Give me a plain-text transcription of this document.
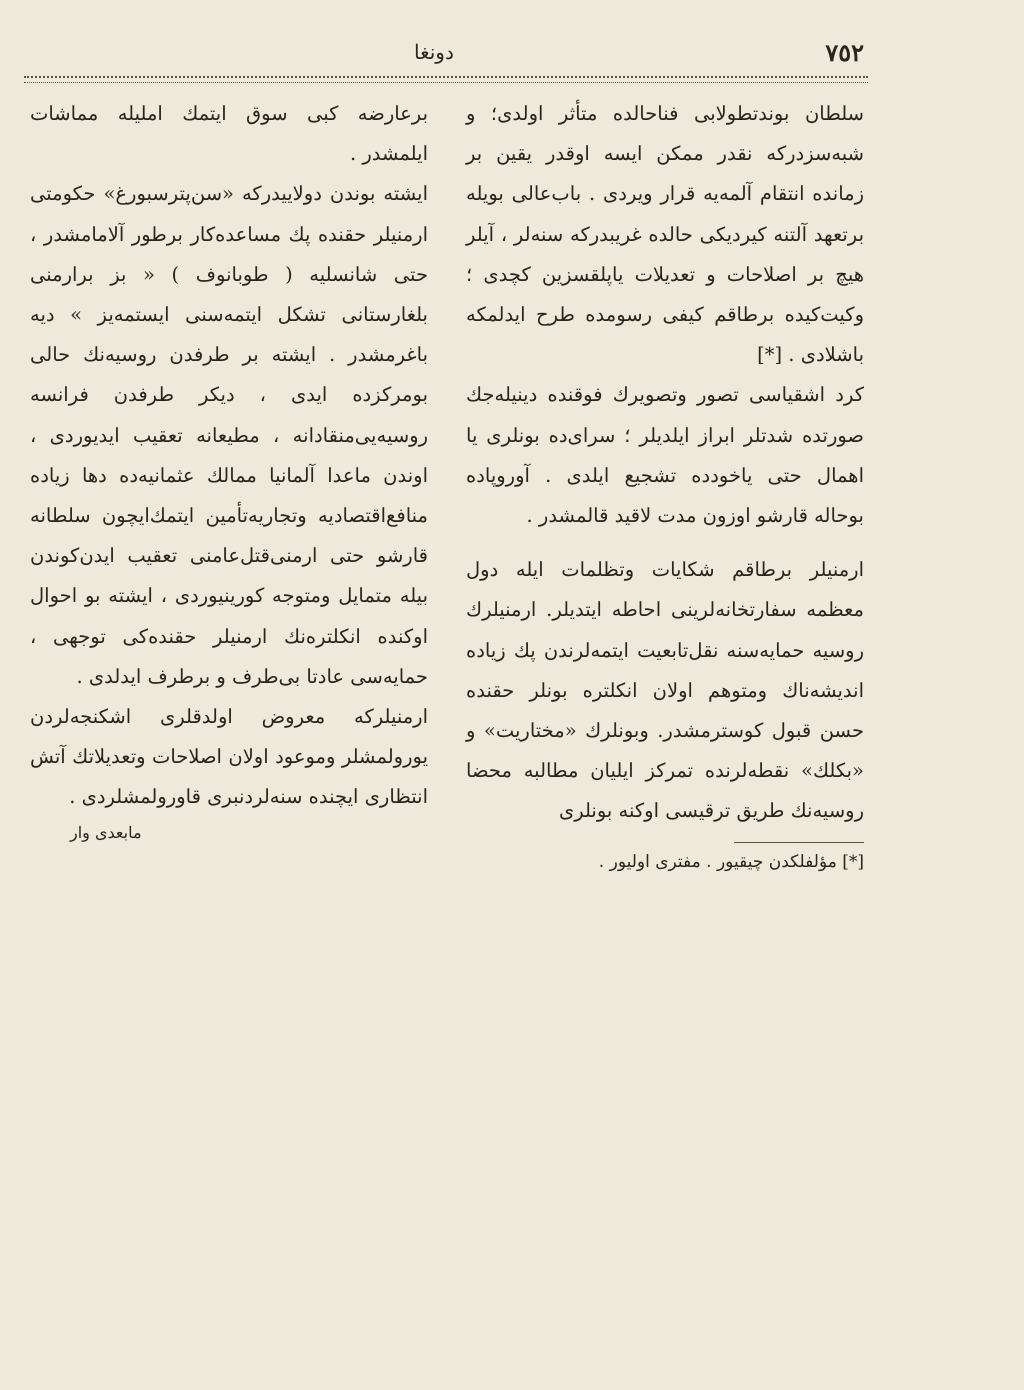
دونغا	٧٥٢

سلطان بوندتطولابی فناحالده متأثر اولدی؛ و شبه‌سزدرکه نقدر ممکن ایسه اوقدر یقین بر زمانده انتقام آلمه‌یه قرار ویردی . باب‌عالی بویله برتعهد آلتنه کیردیکی حالده غریبدرکه سنه‌لر ، آیلر هیچ بر اصلاحات و تعدیلات یاپلقسزین کچدی ؛ وکیت‌کیده برطاقم کیفی رسومده طرح ایدلمکه باشلادی . [*]

کرد اشقیاسی تصور وتصویرك فوقنده دینیله‌جك صورتده شدتلر ابراز ایلدیلر ؛ سرای‌ده بونلری یا اهمال حتی یاخودده تشجیع ایلدی . آوروپاده بوحاله قارشو اوزون مدت لاقید قالمشدر .

ارمنیلر برطاقم شکایات وتظلمات ایله دول معظمه سفارتخانه‌لرینی احاطه ایتدیلر. ارمنیلرك روسیه حمایه‌سنه نقل‌تابعیت ایتمه‌لرندن پك زیاده اندیشه‌ناك ومتوهم اولان انکلتره بونلر حقنده حسن قبول کوسترمشدر. وبونلرك «مختاریت» و «بکلك» نقطه‌لرنده تمرکز ایلیان مطالبه محضا روسیه‌نك طریق ترقیسی اوکنه بونلری

[*] مؤلفلكدن چیقیور . مفتری اولیور .

برعارضه کبی سوق ایتمك املیله مماشات ایلمشدر .

ایشته بوندن دولاییدرکه «سن‌پترسبورغ» حکومتی ارمنیلر حقنده پك مساعده‌کار برطور آلامامشدر ، حتی شانسلیه ( طوبانوف ) « بز برارمنی بلغارستانی تشکل ایتمه‌سنی ایستمه‌یز » دیه باغرمشدر . ایشته بر طرفدن روسیه‌نك حالی بومرکزده ایدی ، دیکر طرفدن فرانسه روسیه‌یی‌منقادانه ، مطیعانه تعقیب ایدیوردی ، اوندن ماعدا آلمانیا ممالك عثمانیه‌ده دها زیاده منافع‌اقتصادیه وتجاریه‌تأمین ایتمك‌ایچون سلطانه قارشو حتی ارمنی‌قتل‌عامنی تعقیب ایدن‌کوندن بیله متمایل ومتوجه کورینیوردی ، ایشته بو احوال اوکنده انکلتره‌نك ارمنیلر حقنده‌کی توجهی ، حمایه‌سی عادتا بی‌طرف و برطرف ایدلدی .

ارمنیلرکه معروض اولدقلری اشکنجه‌لردن یورولمشلر وموعود اولان اصلاحات وتعدیلاتك آتش انتظاری ایچنده سنه‌لردنبری قاورولمشلردی .

مابعدی وار
